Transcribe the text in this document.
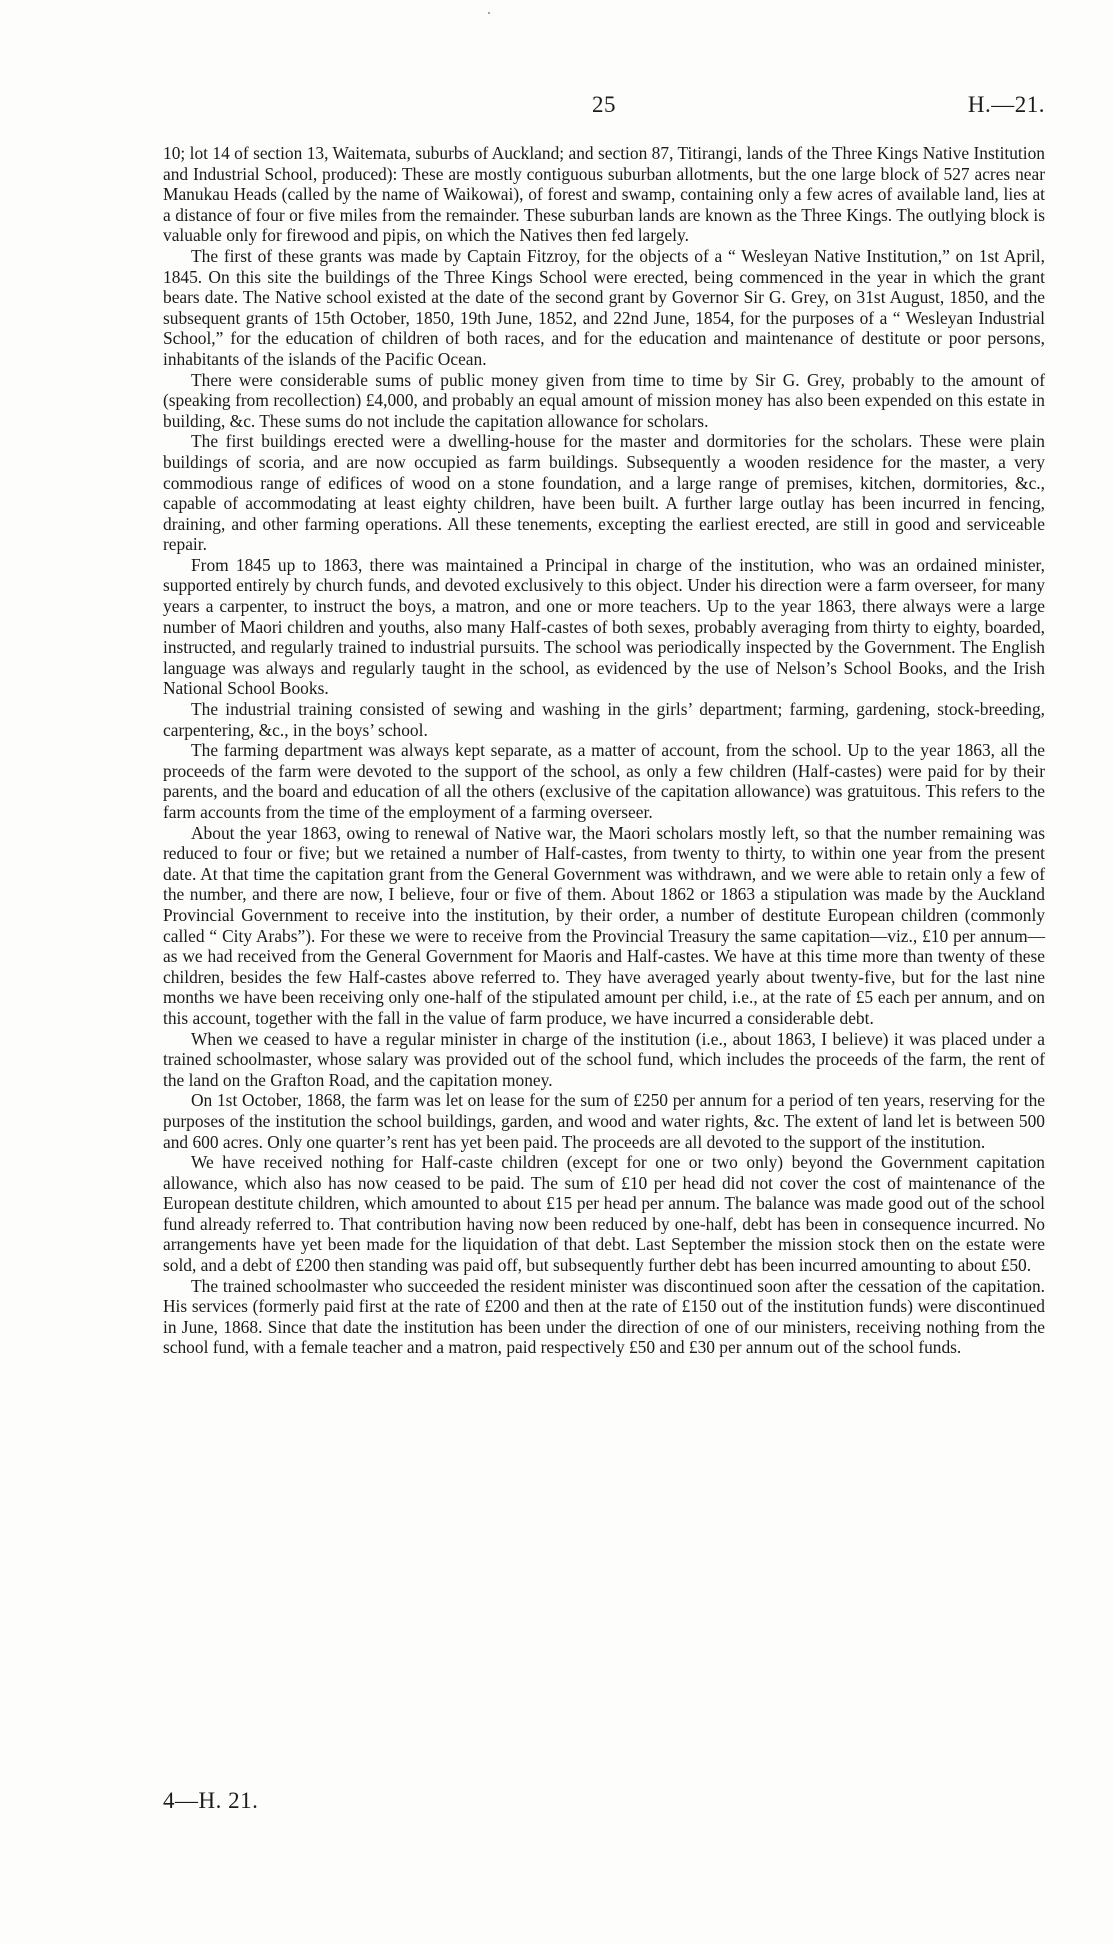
25	H.—21.

10; lot 14 of section 13, Waitemata, suburbs of Auckland; and section 87, Titirangi, lands of the Three Kings Native Institution and Industrial School, produced): These are mostly contiguous suburban allotments, but the one large block of 527 acres near Manukau Heads (called by the name of Waikowai), of forest and swamp, containing only a few acres of available land, lies at a distance of four or five miles from the remainder. These suburban lands are known as the Three Kings. The outlying block is valuable only for firewood and pipis, on which the Natives then fed largely.

The first of these grants was made by Captain Fitzroy, for the objects of a “ Wesleyan Native Institution,” on 1st April, 1845. On this site the buildings of the Three Kings School were erected, being commenced in the year in which the grant bears date. The Native school existed at the date of the second grant by Governor Sir G. Grey, on 31st August, 1850, and the subsequent grants of 15th October, 1850, 19th June, 1852, and 22nd June, 1854, for the purposes of a “ Wesleyan Industrial School,” for the education of children of both races, and for the education and maintenance of destitute or poor persons, inhabitants of the islands of the Pacific Ocean.

There were considerable sums of public money given from time to time by Sir G. Grey, probably to the amount of (speaking from recollection) £4,000, and probably an equal amount of mission money has also been expended on this estate in building, &c. These sums do not include the capitation allowance for scholars.

The first buildings erected were a dwelling-house for the master and dormitories for the scholars. These were plain buildings of scoria, and are now occupied as farm buildings. Subsequently a wooden residence for the master, a very commodious range of edifices of wood on a stone foundation, and a large range of premises, kitchen, dormitories, &c., capable of accommodating at least eighty children, have been built. A further large outlay has been incurred in fencing, draining, and other farming operations. All these tenements, excepting the earliest erected, are still in good and serviceable repair.

From 1845 up to 1863, there was maintained a Principal in charge of the institution, who was an ordained minister, supported entirely by church funds, and devoted exclusively to this object. Under his direction were a farm overseer, for many years a carpenter, to instruct the boys, a matron, and one or more teachers. Up to the year 1863, there always were a large number of Maori children and youths, also many Half-castes of both sexes, probably averaging from thirty to eighty, boarded, instructed, and regularly trained to industrial pursuits. The school was periodically inspected by the Government. The English language was always and regularly taught in the school, as evidenced by the use of Nelson’s School Books, and the Irish National School Books.

The industrial training consisted of sewing and washing in the girls’ department; farming, gardening, stock-breeding, carpentering, &c., in the boys’ school.

The farming department was always kept separate, as a matter of account, from the school. Up to the year 1863, all the proceeds of the farm were devoted to the support of the school, as only a few children (Half-castes) were paid for by their parents, and the board and education of all the others (exclusive of the capitation allowance) was gratuitous. This refers to the farm accounts from the time of the employment of a farming overseer.

About the year 1863, owing to renewal of Native war, the Maori scholars mostly left, so that the number remaining was reduced to four or five; but we retained a number of Half-castes, from twenty to thirty, to within one year from the present date. At that time the capitation grant from the General Government was withdrawn, and we were able to retain only a few of the number, and there are now, I believe, four or five of them. About 1862 or 1863 a stipulation was made by the Auckland Provincial Government to receive into the institution, by their order, a number of destitute European children (commonly called “ City Arabs”). For these we were to receive from the Provincial Treasury the same capitation—viz., £10 per annum—as we had received from the General Government for Maoris and Half-castes. We have at this time more than twenty of these children, besides the few Half-castes above referred to. They have averaged yearly about twenty-five, but for the last nine months we have been receiving only one-half of the stipulated amount per child, i.e., at the rate of £5 each per annum, and on this account, together with the fall in the value of farm produce, we have incurred a considerable debt.

When we ceased to have a regular minister in charge of the institution (i.e., about 1863, I believe) it was placed under a trained schoolmaster, whose salary was provided out of the school fund, which includes the proceeds of the farm, the rent of the land on the Grafton Road, and the capitation money.

On 1st October, 1868, the farm was let on lease for the sum of £250 per annum for a period of ten years, reserving for the purposes of the institution the school buildings, garden, and wood and water rights, &c. The extent of land let is between 500 and 600 acres. Only one quarter’s rent has yet been paid. The proceeds are all devoted to the support of the institution.

We have received nothing for Half-caste children (except for one or two only) beyond the Government capitation allowance, which also has now ceased to be paid. The sum of £10 per head did not cover the cost of maintenance of the European destitute children, which amounted to about £15 per head per annum. The balance was made good out of the school fund already referred to. That contribution having now been reduced by one-half, debt has been in consequence incurred. No arrangements have yet been made for the liquidation of that debt. Last September the mission stock then on the estate were sold, and a debt of £200 then standing was paid off, but subsequently further debt has been incurred amounting to about £50.

The trained schoolmaster who succeeded the resident minister was discontinued soon after the cessation of the capitation. His services (formerly paid first at the rate of £200 and then at the rate of £150 out of the institution funds) were discontinued in June, 1868. Since that date the institution has been under the direction of one of our ministers, receiving nothing from the school fund, with a female teacher and a matron, paid respectively £50 and £30 per annum out of the school funds.

4—H. 21.
